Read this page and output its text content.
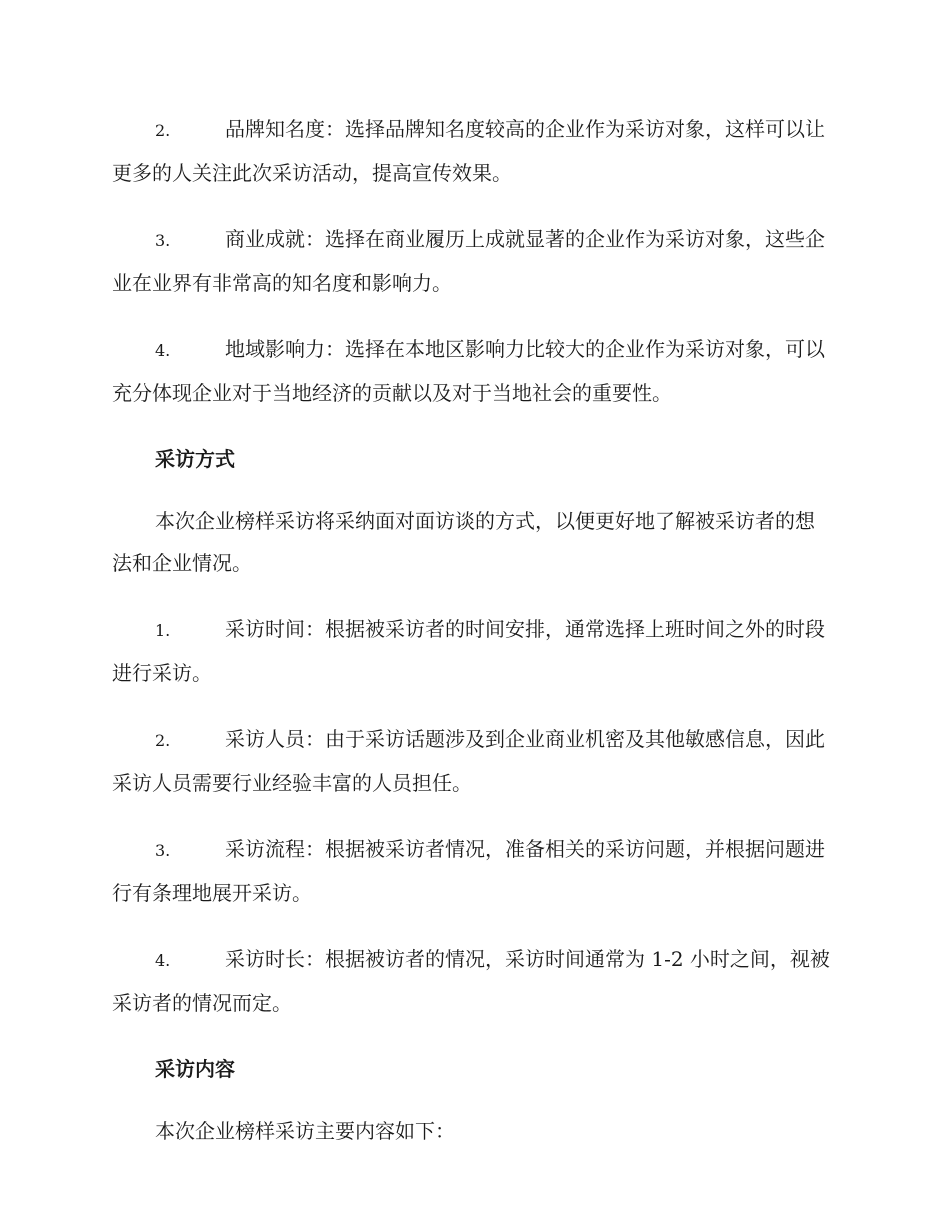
2.	品牌知名度：选择品牌知名度较高的企业作为采访对象，这样可以让更多的人关注此次采访活动，提高宣传效果。

3.	商业成就：选择在商业履历上成就显著的企业作为采访对象，这些企业在业界有非常高的知名度和影响力。

4.	地域影响力：选择在本地区影响力比较大的企业作为采访对象，可以充分体现企业对于当地经济的贡献以及对于当地社会的重要性。

采访方式

本次企业榜样采访将采纳面对面访谈的方式，以便更好地了解被采访者的想法和企业情况。

1.	采访时间：根据被采访者的时间安排，通常选择上班时间之外的时段进行采访。

2.	采访人员：由于采访话题涉及到企业商业机密及其他敏感信息，因此采访人员需要行业经验丰富的人员担任。

3.	采访流程：根据被采访者情况，准备相关的采访问题，并根据问题进行有条理地展开采访。

4.	采访时长：根据被访者的情况，采访时间通常为 1-2 小时之间，视被采访者的情况而定。

采访内容

本次企业榜样采访主要内容如下：
